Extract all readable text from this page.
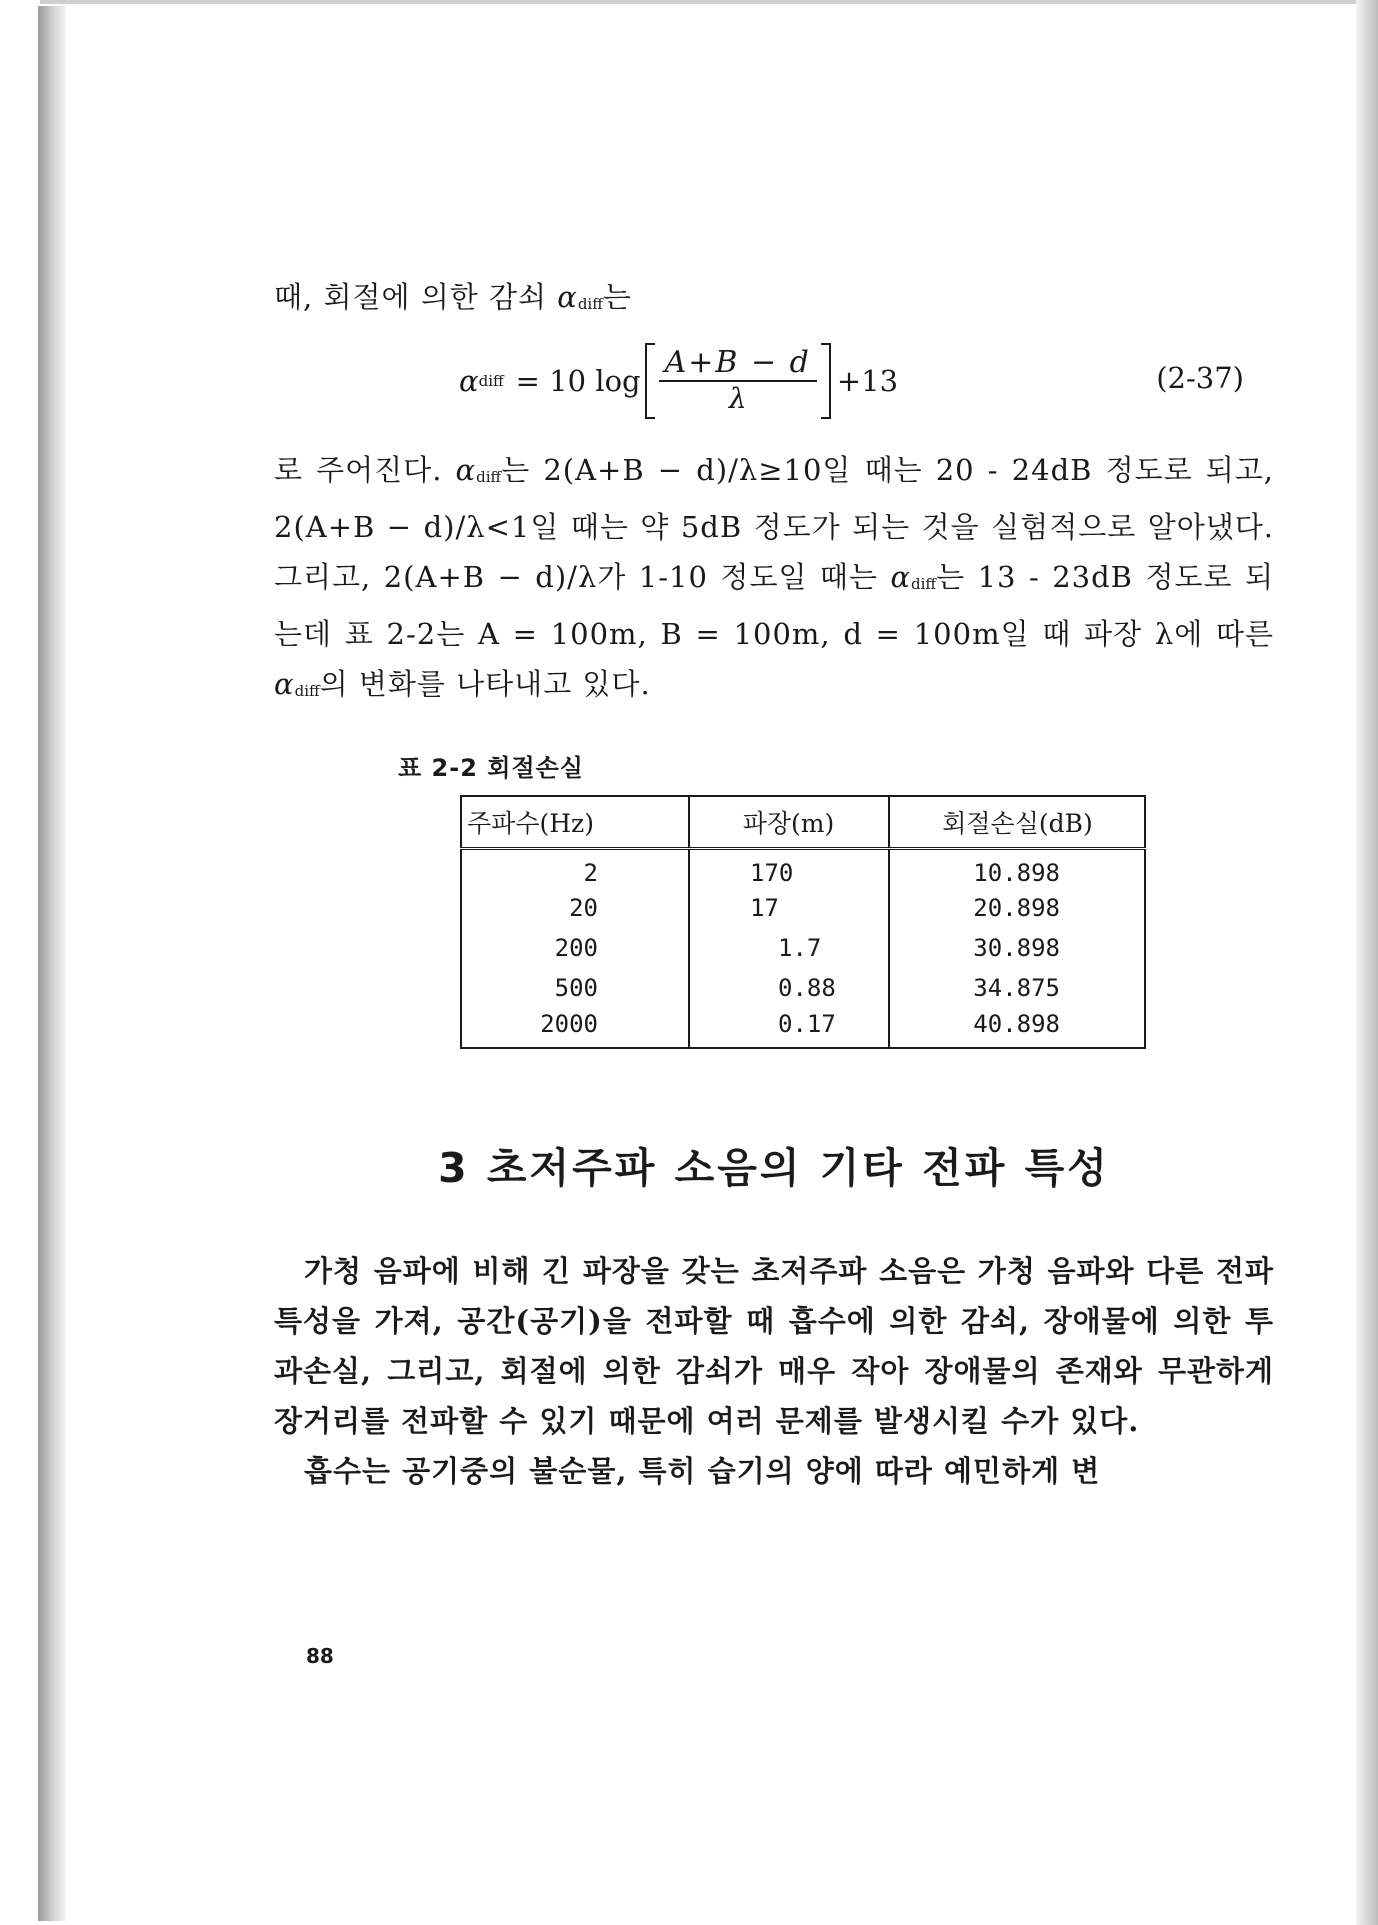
때, 회절에 의한 감쇠 αdiff는

α diff = 10 $\log \frac{A+B - d}{\lambda} +13$	(2-37)

로 주어진다. αdiff는 2(A+B − d)/λ≥10일 때는 20 - 24dB 정도로 되고, 2(A+B − d)/λ<1일 때는 약 5dB 정도가 되는 것을 실험적으로 알아냈다. 그리고, 2(A+B − d)/λ가 1-10 정도일 때는 αdiff는 13 - 23dB 정도로 되는데 표 2-2는 A = 100m, B = 100m, d = 100m일 때 파장 λ에 따른 αdiff의 변화를 나타내고 있다.

표 2-2 회절손실
주파수(Hz)	파장(m)	회절손실(dB)
2	170	10.898
20	17	20.898
200	1.7	30.898
500	0.88	34.875
2000	0.17	40.898
3 초저주파 소음의 기타 전파 특성

가청 음파에 비해 긴 파장을 갖는 초저주파 소음은 가청 음파와 다른 전파 특성을 가져, 공간(공기)을 전파할 때 흡수에 의한 감쇠, 장애물에 의한 투과손실, 그리고, 회절에 의한 감쇠가 매우 작아 장애물의 존재와 무관하게 장거리를 전파할 수 있기 때문에 여러 문제를 발생시킬 수가 있다.

흡수는 공기중의 불순물, 특히 습기의 양에 따라 예민하게 변

88
